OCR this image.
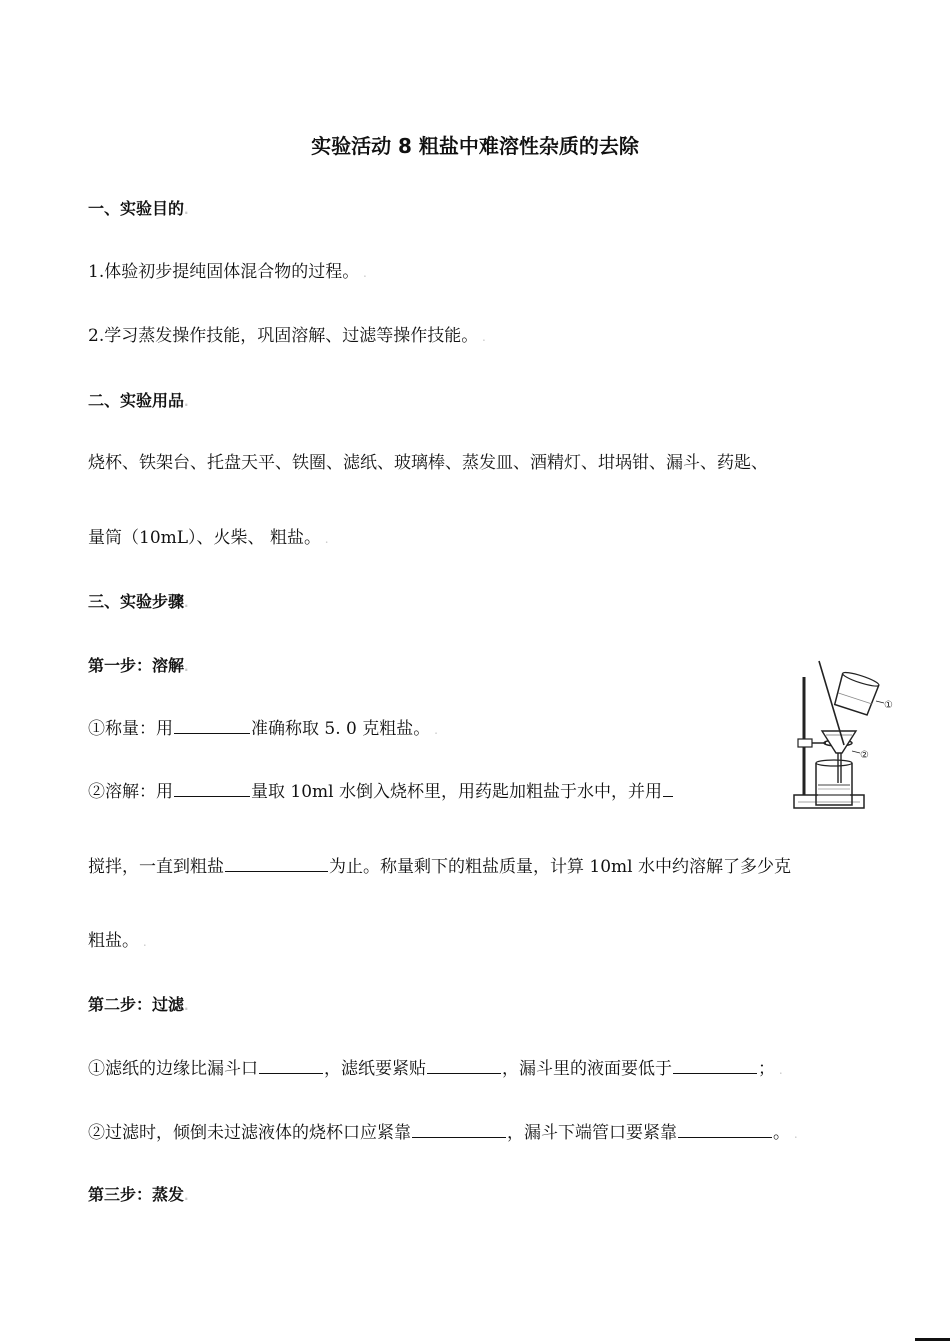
实验活动 8 粗盐中难溶性杂质的去除
一、实验目的.
1.体验初步提纯固体混合物的过程。 .
2.学习蒸发操作技能，巩固溶解、过滤等操作技能。 .
二、实验用品.
烧杯、铁架台、托盘天平、铁圈、滤纸、玻璃棒、蒸发皿、酒精灯、坩埚钳、漏斗、药匙、
量筒（10mL）、火柴、 粗盐。 .
三、实验步骤.
第一步：溶解.
①称量：用	准确称取 5. 0 克粗盐。 .
②溶解：用	量取 10ml 水倒入烧杯里，用药匙加粗盐于水中，并用
搅拌，一直到粗盐	为止。称量剩下的粗盐质量，计算 10ml 水中约溶解了多少克
粗盐。 .
第二步：过滤.
①滤纸的边缘比漏斗口	，滤纸要紧贴	，漏斗里的液面要低于	； .
②过滤时，倾倒未过滤液体的烧杯口应紧靠	，漏斗下端管口要紧靠	。 .
第三步：蒸发.
①
②
